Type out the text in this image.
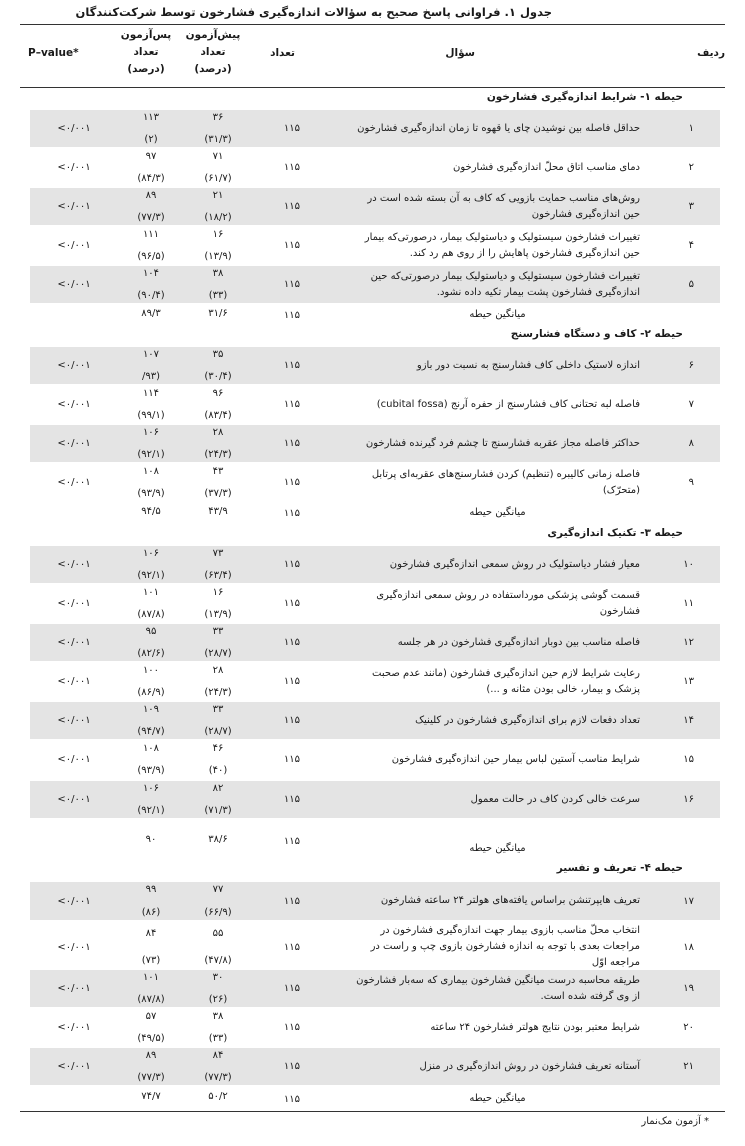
جدول ۱. فراوانی پاسخ صحیح به سؤالات اندازه‌گیری فشارخون توسط شرکت‌کنندگان
ردیف
سؤال
تعداد
پیش‌آزمون
تعداد
(درصد)
پس‌آزمون
تعداد
(درصد)
P–value*
حیطه ۱- شرایط اندازه‌گیری فشارخون
۱
حداقل فاصله بین نوشیدن چای یا قهوه تا زمان اندازه‌گیری فشارخون
۱۱۵
۳۶
(۳۱/۳)
۱۱۳
(۲)
<۰/۰۰۱
۲
دمای مناسب اتاق محلّ اندازه‌گیری فشارخون
۱۱۵
۷۱
(۶۱/۷)
۹۷
(۸۴/۳)
<۰/۰۰۱
۳
روش‌های مناسب حمایت بازویی که کاف به آن بسته شده است در حین اندازه‌گیری فشارخون
۱۱۵
۲۱
(۱۸/۲)
۸۹
(۷۷/۳)
<۰/۰۰۱
۴
تغییرات فشارخون سیستولیک و دیاستولیک بیمار، درصورتی‌که بیمار حین اندازه‌گیری فشارخون پاهایش را از روی هم رد کند.
۱۱۵
۱۶
(۱۳/۹)
۱۱۱
(۹۶/۵)
<۰/۰۰۱
۵
تغییرات فشارخون سیستولیک و دیاستولیک بیمار درصورتی‌که حین اندازه‌گیری فشارخون پشت بیمار تکیه داده نشود.
۱۱۵
۳۸
(۳۳)
۱۰۴
(۹۰/۴)
<۰/۰۰۱
میانگین حیطه
۱۱۵
۳۱/۶
۸۹/۳
حیطه ۲- کاف و دستگاه فشارسنج
۶
اندازه لاستیک داخلی کاف فشارسنج به نسبت دور بازو
۱۱۵
۳۵
(۳۰/۴)
۱۰۷
(۹۳/
<۰/۰۰۱
۷
فاصله لبه تحتانی کاف فشارسنج از حفره آرنج (cubital fossa)
۱۱۵
۹۶
(۸۳/۴)
۱۱۴
(۹۹/۱)
<۰/۰۰۱
۸
حداکثر فاصله مجاز عقربه فشارسنج تا چشم فرد گیرنده فشارخون
۱۱۵
۲۸
(۲۴/۳)
۱۰۶
(۹۲/۱)
<۰/۰۰۱
۹
فاصله زمانی کالیبره (تنظیم) کردن فشارسنج‌های عقربه‌ای پرتابل (متحرّک)
۱۱۵
۴۳
(۳۷/۳)
۱۰۸
(۹۳/۹)
<۰/۰۰۱
میانگین حیطه
۱۱۵
۴۳/۹
۹۴/۵
حیطه ۳- تکنیک اندازه‌گیری
۱۰
معیار فشار دیاستولیک در روش سمعی اندازه‌گیری فشارخون
۱۱۵
۷۳
(۶۳/۴)
۱۰۶
(۹۲/۱)
<۰/۰۰۱
۱۱
قسمت گوشی پزشکی مورداستفاده در روش سمعی اندازه‌گیری فشارخون
۱۱۵
۱۶
(۱۳/۹)
۱۰۱
(۸۷/۸)
<۰/۰۰۱
۱۲
فاصله مناسب بین دوبار اندازه‌گیری فشارخون در هر جلسه
۱۱۵
۳۳
(۲۸/۷)
۹۵
(۸۲/۶)
<۰/۰۰۱
۱۳
رعایت شرایط لازم حین اندازه‌گیری فشارخون (مانند عدم صحبت پزشک و بیمار، خالی بودن مثانه و ...)
۱۱۵
۲۸
(۲۴/۳)
۱۰۰
(۸۶/۹)
<۰/۰۰۱
۱۴
تعداد دفعات لازم برای اندازه‌گیری فشارخون در کلینیک
۱۱۵
۳۳
(۲۸/۷)
۱۰۹
(۹۴/۷)
<۰/۰۰۱
۱۵
شرایط مناسب آستین لباس بیمار حین اندازه‌گیری فشارخون
۱۱۵
۴۶
(۴۰)
۱۰۸
(۹۳/۹)
<۰/۰۰۱
۱۶
سرعت خالی کردن کاف در حالت معمول
۱۱۵
۸۲
(۷۱/۳)
۱۰۶
(۹۲/۱)
<۰/۰۰۱
میانگین حیطه
۱۱۵
۳۸/۶
۹۰
حیطه ۴- تعریف و تفسیر
۱۷
تعریف هایپرتنشن براساس یافته‌های هولتر ۲۴ ساعته فشارخون
۱۱۵
۷۷
(۶۶/۹)
۹۹
(۸۶)
<۰/۰۰۱
۱۸
انتخاب محلّ مناسب بازوی بیمار جهت اندازه‌گیری فشارخون در مراجعات بعدی با توجه به اندازه فشارخون بازوی چپ و راست در مراجعه اوّل
۱۱۵
۵۵
(۴۷/۸)
۸۴
(۷۳)
<۰/۰۰۱
۱۹
طریقه محاسبه درست میانگین فشارخون بیماری که سه‌بار فشارخون از وی گرفته شده است.
۱۱۵
۳۰
(۲۶)
۱۰۱
(۸۷/۸)
<۰/۰۰۱
۲۰
شرایط معتبر بودن نتایج هولتر فشارخون ۲۴ ساعته
۱۱۵
۳۸
(۳۳)
۵۷
(۴۹/۵)
<۰/۰۰۱
۲۱
آستانه تعریف فشارخون در روش اندازه‌گیری در منزل
۱۱۵
۸۴
(۷۷/۳)
۸۹
(۷۷/۳)
<۰/۰۰۱
میانگین حیطه
۱۱۵
۵۰/۲
۷۴/۷
* آزمون مک‌نمار
